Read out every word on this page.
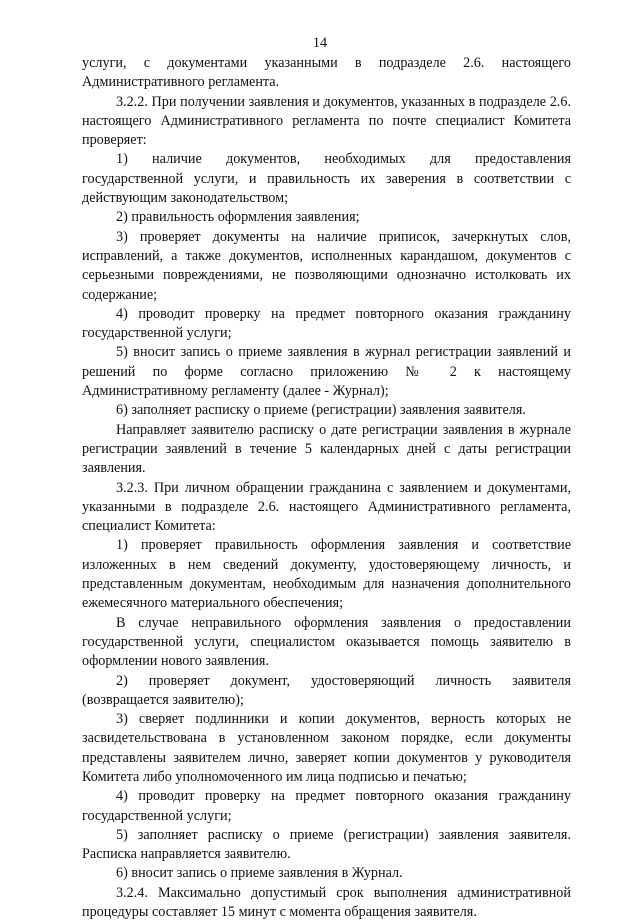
14

услуги, с документами указанными в подразделе 2.6. настоящего Административного регламента.

3.2.2. При получении заявления и документов, указанных в подразделе 2.6. настоящего Административного регламента по почте специалист Комитета проверяет:

1) наличие документов, необходимых для предоставления государственной услуги, и правильность их заверения в соответствии с действующим законодательством;

2) правильность оформления заявления;

3) проверяет документы на наличие приписок, зачеркнутых слов, исправлений, а также документов, исполненных карандашом, документов с серьезными повреждениями, не позволяющими однозначно истолковать их содержание;

4) проводит проверку на предмет повторного оказания гражданину государственной услуги;

5) вносит запись о приеме заявления в журнал регистрации заявлений и решений по форме согласно приложению № 2 к настоящему Административному регламенту (далее - Журнал);

6) заполняет расписку о приеме (регистрации) заявления заявителя.

Направляет заявителю расписку о дате регистрации заявления в журнале регистрации заявлений в течение 5 календарных дней с даты регистрации заявления.

3.2.3. При личном обращении гражданина с заявлением и документами, указанными в подразделе 2.6. настоящего Административного регламента, специалист Комитета:

1) проверяет правильность оформления заявления и соответствие изложенных в нем сведений документу, удостоверяющему личность, и представленным документам, необходимым для назначения дополнительного ежемесячного материального обеспечения;

В случае неправильного оформления заявления о предоставлении государственной услуги, специалистом оказывается помощь заявителю в оформлении нового заявления.

2) проверяет документ, удостоверяющий личность заявителя (возвращается заявителю);

3) сверяет подлинники и копии документов, верность которых не засвидетельствована в установленном законом порядке, если документы представлены заявителем лично, заверяет копии документов у руководителя Комитета либо уполномоченного им лица подписью и печатью;

4) проводит проверку на предмет повторного оказания гражданину государственной услуги;

5) заполняет расписку о приеме (регистрации) заявления заявителя. Расписка направляется заявителю.

6) вносит запись о приеме заявления в Журнал.

3.2.4. Максимально допустимый срок выполнения административной процедуры составляет 15 минут с момента обращения заявителя.
